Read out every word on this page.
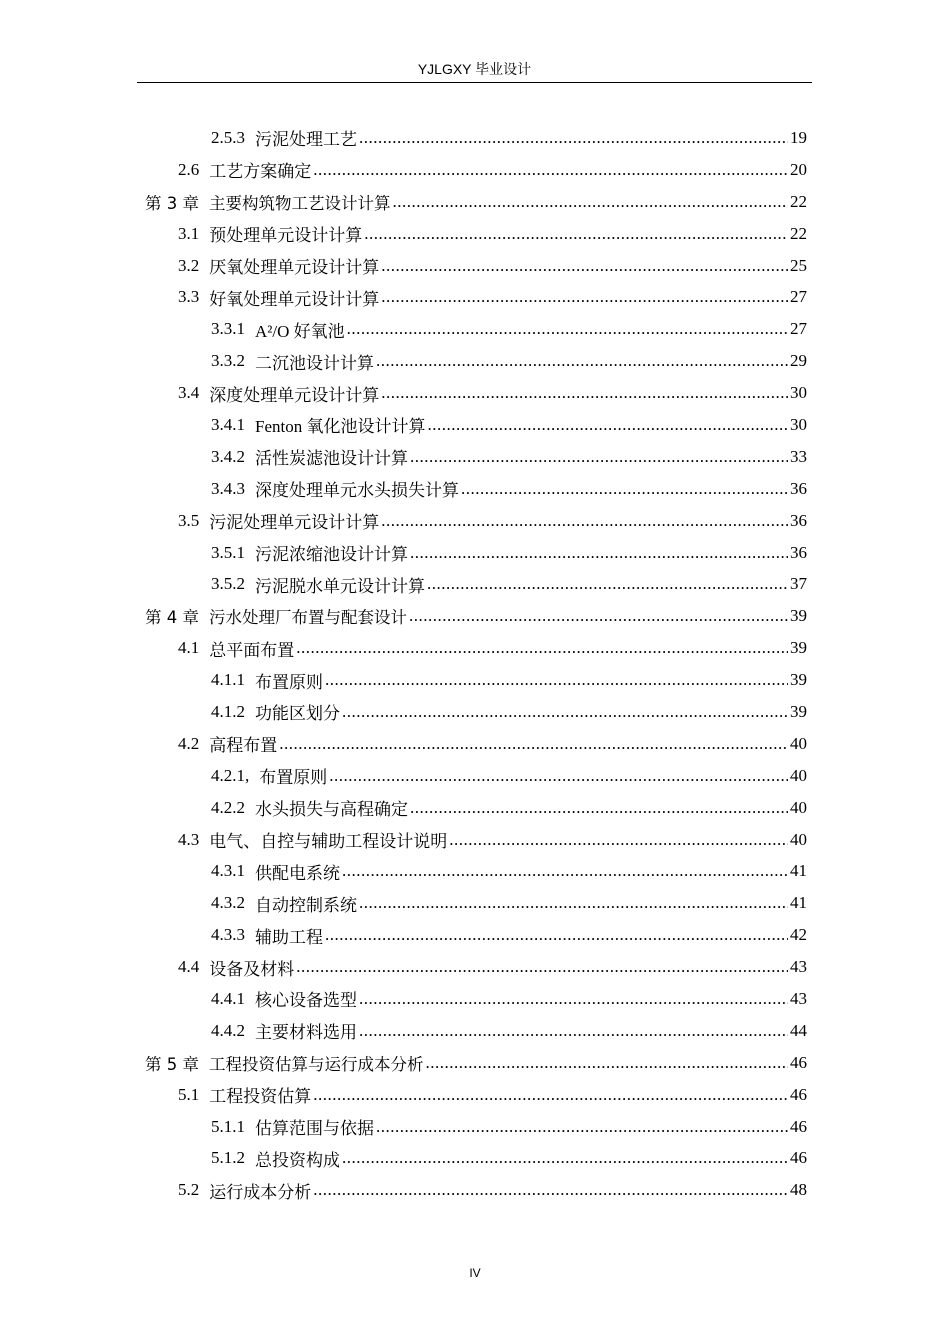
YJLGXY 毕业设计
2.5.3 污泥处理工艺 .....	19
2.6 工艺方案确定 .....	20
第 3 章 主要构筑物工艺设计计算 .....	22
3.1 预处理单元设计计算 .....	22
3.2 厌氧处理单元设计计算 .....	25
3.3 好氧处理单元设计计算 .....	27
3.3.1 A²/O 好氧池 .....	27
3.3.2 二沉池设计计算 .....	29
3.4 深度处理单元设计计算 .....	30
3.4.1 Fenton 氧化池设计计算 .....	30
3.4.2 活性炭滤池设计计算 .....	33
3.4.3 深度处理单元水头损失计算 .....	36
3.5 污泥处理单元设计计算 .....	36
3.5.1 污泥浓缩池设计计算 .....	36
3.5.2 污泥脱水单元设计计算 .....	37
第 4 章 污水处理厂布置与配套设计 .....	39
4.1 总平面布置 .....	39
4.1.1 布置原则 .....	39
4.1.2 功能区划分 .....	39
4.2 高程布置 .....	40
4.2.1, 布置原则 .....	40
4.2.2 水头损失与高程确定 .....	40
4.3 电气、自控与辅助工程设计说明 .....	40
4.3.1 供配电系统 .....	41
4.3.2 自动控制系统 .....	41
4.3.3 辅助工程 .....	42
4.4 设备及材料 .....	43
4.4.1 核心设备选型 .....	43
4.4.2 主要材料选用 .....	44
第 5 章 工程投资估算与运行成本分析 .....	46
5.1 工程投资估算 .....	46
5.1.1 估算范围与依据 .....	46
5.1.2 总投资构成 .....	46
5.2 运行成本分析 .....	48
IV
